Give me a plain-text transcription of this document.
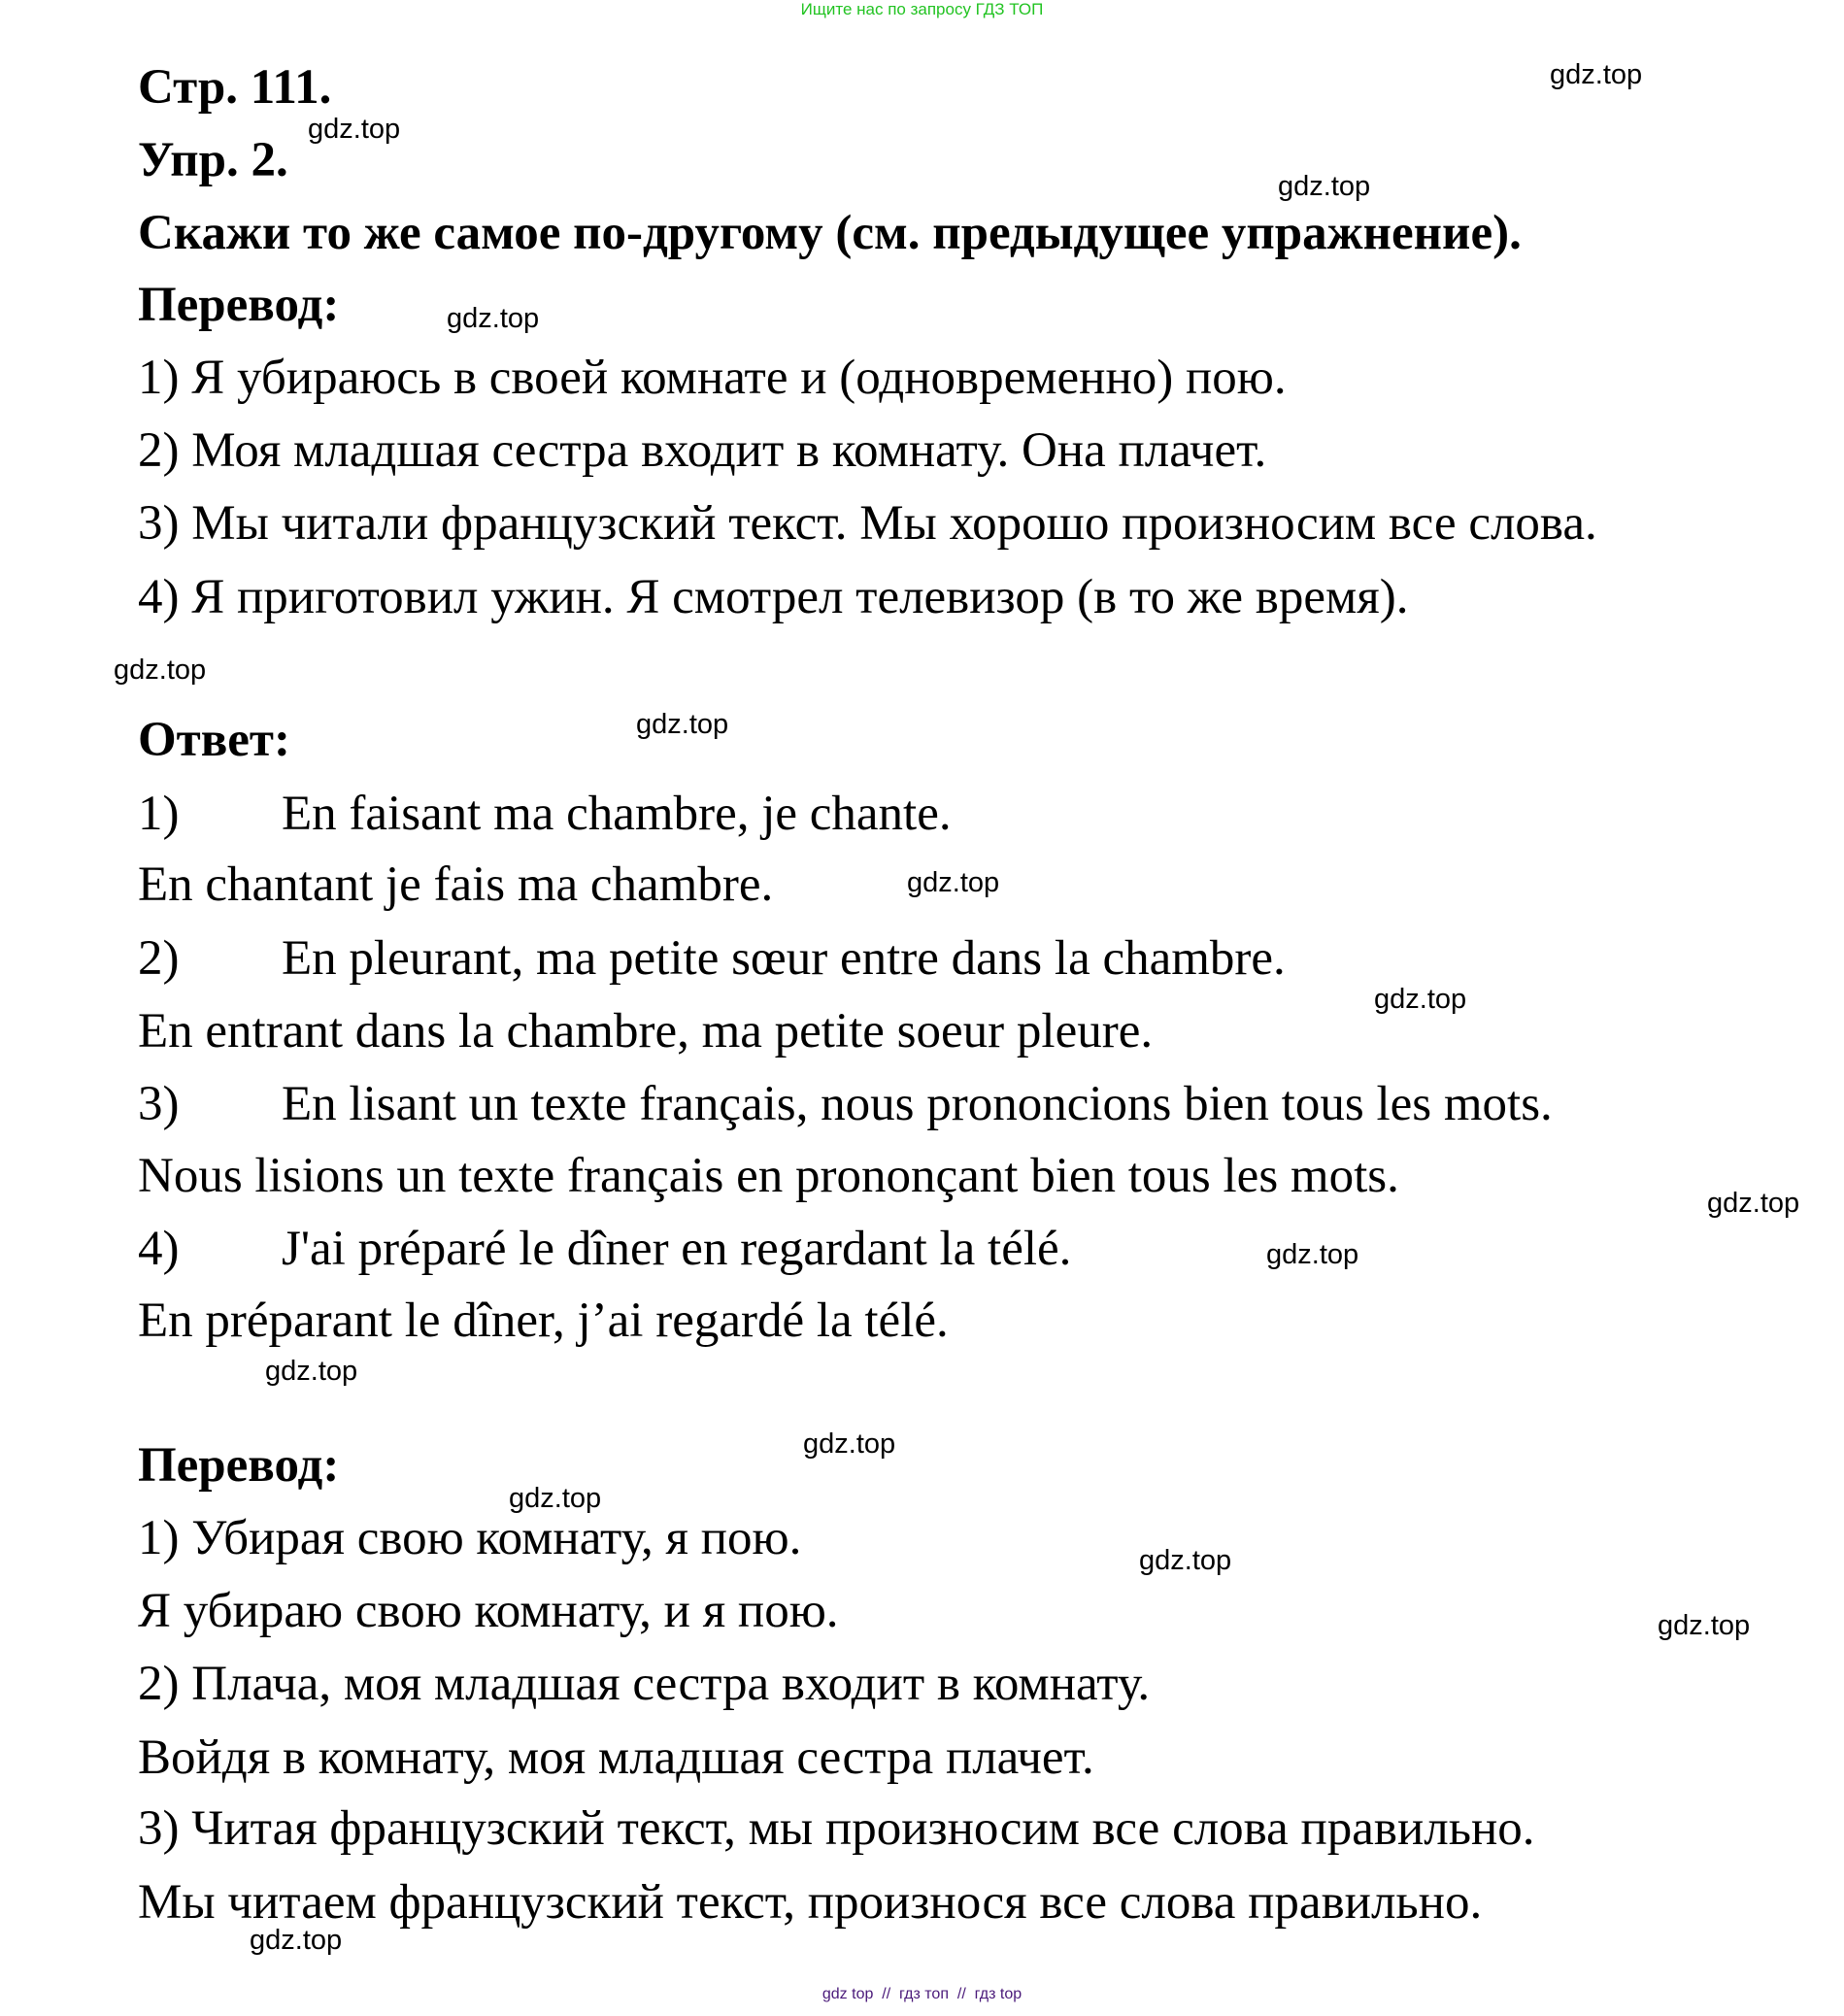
Ищите нас по запросу ГДЗ ТОП
Стр. 111.
Упр. 2.
Скажи то же самое по-другому (см. предыдущее упражнение).
Перевод:
1) Я убираюсь в своей комнате и (одновременно) пою.
2) Моя младшая сестра входит в комнату. Она плачет.
3) Мы читали французский текст. Мы хорошо произносим все слова.
4) Я приготовил ужин. Я смотрел телевизор (в то же время).
Ответ:
1) En faisant ma chambre, je chante.
En chantant je fais ma chambre.
2) En pleurant, ma petite sœur entre dans la chambre.
En entrant dans la chambre, ma petite soeur pleure.
3) En lisant un texte français, nous prononcions bien tous les mots.
Nous lisions un texte français en prononçant bien tous les mots.
4) J'ai préparé le dîner en regardant la télé.
En préparant le dîner, j’ai regardé la télé.
Перевод:
1) Убирая свою комнату, я пою.
Я убираю свою комнату, и я пою.
2) Плача, моя младшая сестра входит в комнату.
Войдя в комнату, моя младшая сестра плачет.
3) Читая французский текст, мы произносим все слова правильно.
Мы читаем французский текст, произнося все слова правильно.
gdz.top
gdz.top
gdz.top
gdz.top
gdz.top
gdz.top
gdz.top
gdz.top
gdz.top
gdz.top
gdz.top
gdz.top
gdz.top
gdz.top
gdz.top
gdz.top
gdz top  //  гдз топ  //  гдз top
